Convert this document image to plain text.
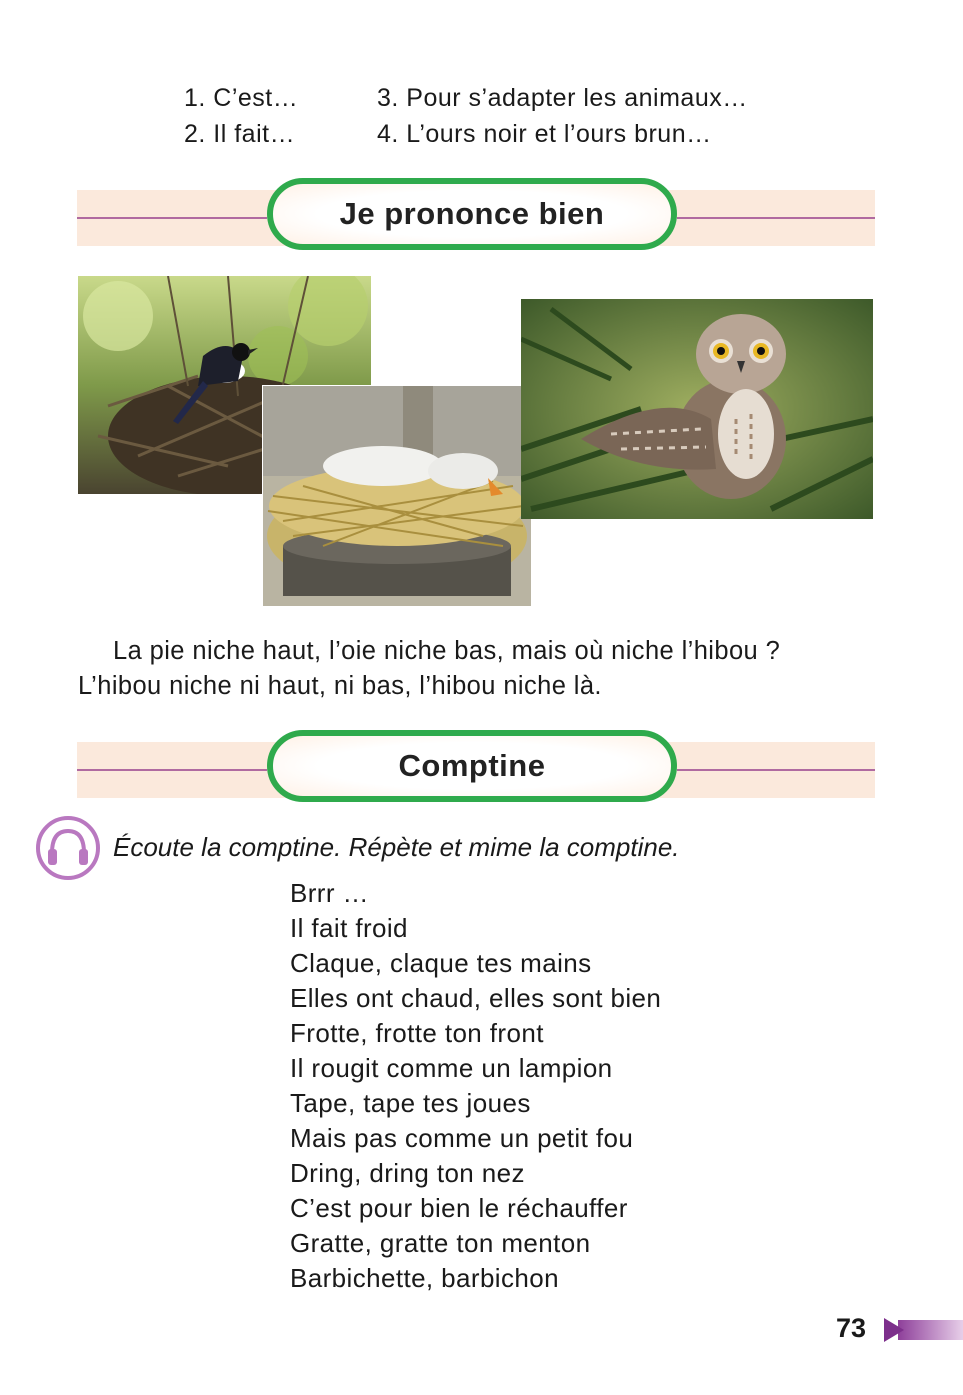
1. C’est…
2. Il fait…
3. Pour s’adapter les animaux…
4. L’ours noir et l’ours brun…
Je prononce bien
La pie niche haut, l’oie niche bas, mais où niche l’hibou ?
L’hibou niche ni haut, ni bas, l’hibou niche là.
Comptine
Écoute la comptine. Répète et mime la comptine.
Brrr …
Il fait froid
Claque, claque tes mains
Elles ont chaud, elles sont bien
Frotte, frotte ton front
Il rougit comme un lampion
Tape, tape tes joues
Mais pas comme un petit fou
Dring, dring ton nez
C’est pour bien le réchauffer
Gratte, gratte ton menton
Barbichette, barbichon
73
